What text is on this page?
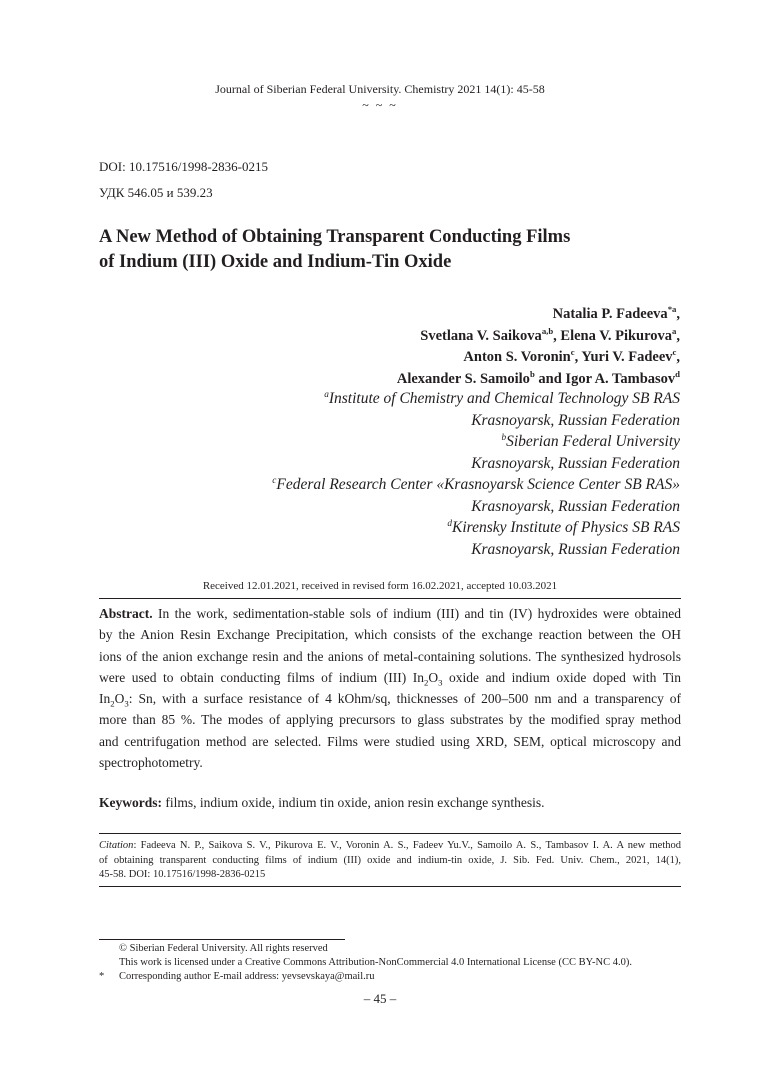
Journal of Siberian Federal University. Chemistry 2021 14(1): 45-58
~ ~ ~
DOI: 10.17516/1998-2836-0215
УДК 546.05 и 539.23
A New Method of Obtaining Transparent Conducting Films
of Indium (III) Oxide and Indium-Tin Oxide
Natalia P. Fadeeva$^{*a}$,
Svetlana V. Saikova$^{a,b}$, Elena V. Pikurova$^a$,
Anton S. Voronin$^c$, Yuri V. Fadeev$^c$,
Alexander S. Samoilo$^b$ and Igor A. Tambasov$^d$
$^a$Institute of Chemistry and Chemical Technology SB RAS
Krasnoyarsk, Russian Federation
$^b$Siberian Federal University
Krasnoyarsk, Russian Federation
$^c$Federal Research Center «Krasnoyarsk Science Center SB RAS»
Krasnoyarsk, Russian Federation
$^d$Kirensky Institute of Physics SB RAS
Krasnoyarsk, Russian Federation
Received 12.01.2021, received in revised form 16.02.2021, accepted 10.03.2021
Abstract. In the work, sedimentation-stable sols of indium (III) and tin (IV) hydroxides were obtained
by the Anion Resin Exchange Precipitation, which consists of the exchange reaction between the OH
ions of the anion exchange resin and the anions of metal-containing solutions. The synthesized hydrosols
were used to obtain conducting films of indium (III) $In_2O_3$ oxide and indium oxide doped with Tin
$In_2O_3$: Sn, with a surface resistance of 4 kOhm/sq, thicknesses of 200–500 nm and a transparency of
more than 85 %. The modes of applying precursors to glass substrates by the modified spray method
and centrifugation method are selected. Films were studied using XRD, SEM, optical microscopy and
spectrophotometry.
Keywords: films, indium oxide, indium tin oxide, anion resin exchange synthesis.
Citation: Fadeeva N. P., Saikova S. V., Pikurova E. V., Voronin A. S., Fadeev Yu.V., Samoilo A. S., Tambasov I. A. A new method
of obtaining transparent conducting films of indium (III) oxide and indium-tin oxide, J. Sib. Fed. Univ. Chem., 2021, 14(1),
45-58. DOI: 10.17516/1998-2836-0215
© Siberian Federal University. All rights reserved
This work is licensed under a Creative Commons Attribution-NonCommercial 4.0 International License (CC BY-NC 4.0).
* Corresponding author E-mail address: yevsevskaya@mail.ru
– 45 –
